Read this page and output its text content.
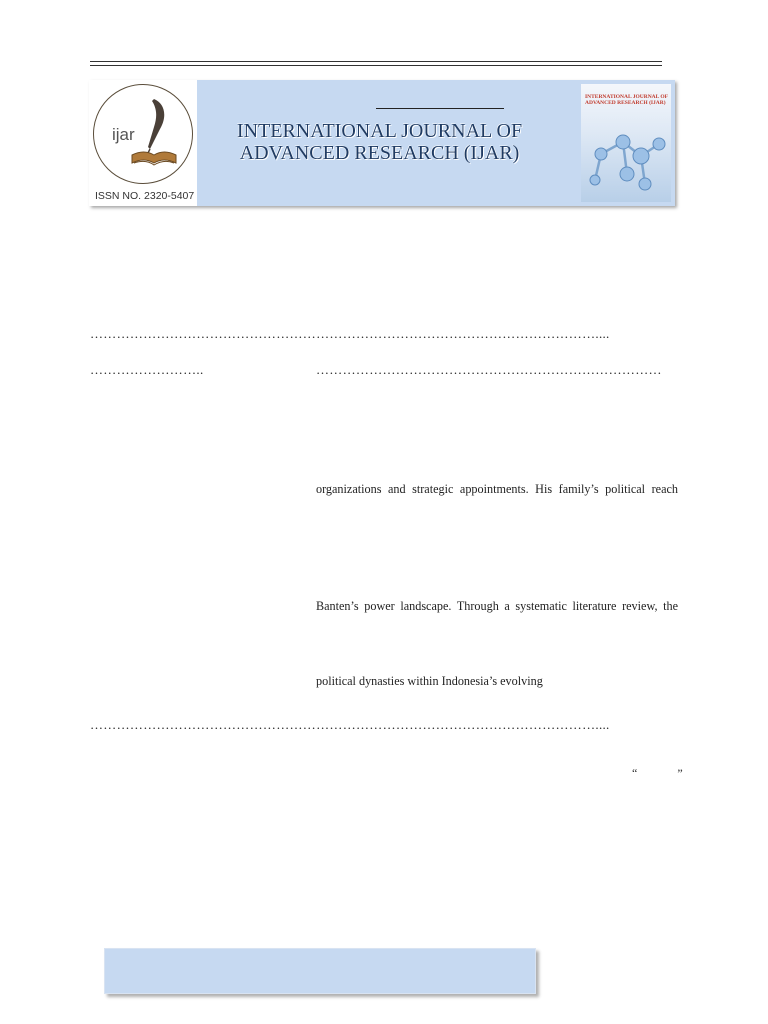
ijar
ISSN NO. 2320-5407
INTERNATIONAL JOURNAL OF
ADVANCED RESEARCH (IJAR)
INTERNATIONAL JOURNAL OF ADVANCED RESEARCH (IJAR)
……………………………………………………………………………………………………....
……………………..	……………………………………………………………………
organizations and strategic appointments. His family’s political reach
Banten’s power landscape. Through a systematic literature review, the
political dynasties within Indonesia’s evolving
……………………………………………………………………………………………………....
“	”
